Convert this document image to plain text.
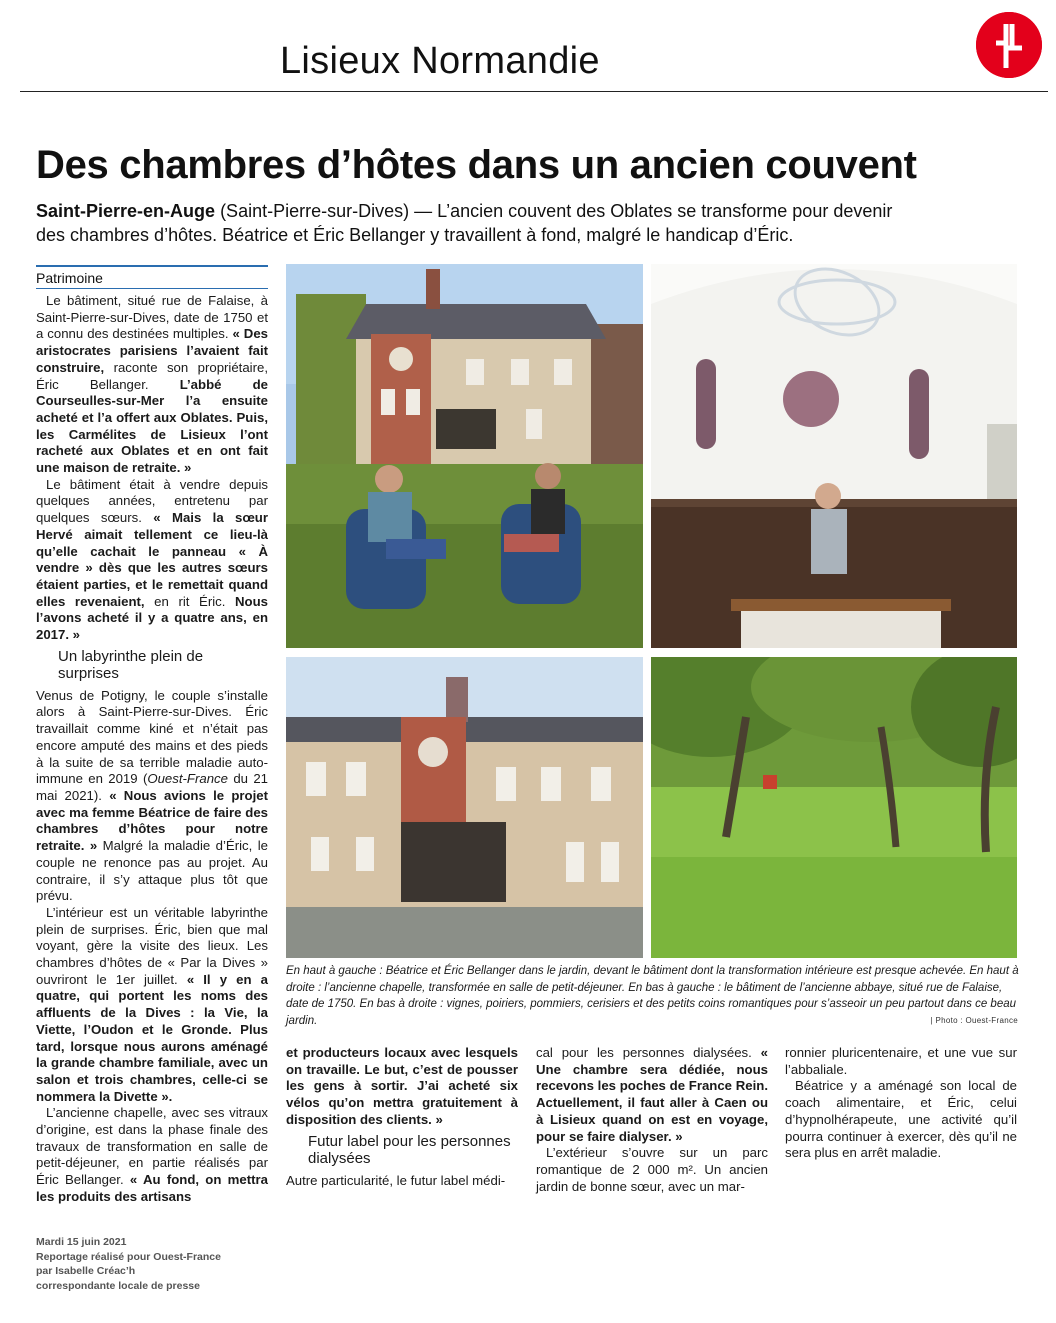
Lisieux Normandie
Des chambres d’hôtes dans un ancien couvent
Saint-Pierre-en-Auge (Saint-Pierre-sur-Dives) — L’ancien couvent des Oblates se transforme pour devenir des chambres d’hôtes. Béatrice et Éric Bellanger y travaillent à fond, malgré le handicap d’Éric.
Patrimoine

Le bâtiment, situé rue de Falaise, à Saint-Pierre-sur-Dives, date de 1750 et a connu des destinées multiples. « Des aristocrates parisiens l’avaient fait construire, raconte son propriétaire, Éric Bellanger. L’abbé de Courseulles-sur-Mer l’a ensuite acheté et l’a offert aux Oblates. Puis, les Carmélites de Lisieux l’ont racheté aux Oblates et en ont fait une maison de retraite. »

Le bâtiment était à vendre depuis quelques années, entretenu par quelques sœurs. « Mais la sœur Hervé aimait tellement ce lieu-là qu’elle cachait le panneau « À vendre » dès que les autres sœurs étaient parties, et le remettait quand elles revenaient, en rit Éric. Nous l’avons acheté il y a quatre ans, en 2017. »

Un labyrinthe plein de surprises

Venus de Potigny, le couple s’installe alors à Saint-Pierre-sur-Dives. Éric travaillait comme kiné et n’était pas encore amputé des mains et des pieds à la suite de sa terrible maladie auto-immune en 2019 (Ouest-France du 21 mai 2021). « Nous avions le projet avec ma femme Béatrice de faire des chambres d’hôtes pour notre retraite. » Malgré la maladie d’Éric, le couple ne renonce pas au projet. Au contraire, il s’y attaque plus tôt que prévu.

L’intérieur est un véritable labyrinthe plein de surprises. Éric, bien que mal voyant, gère la visite des lieux. Les chambres d’hôtes de « Par la Dives » ouvriront le 1er juillet. « Il y en a quatre, qui portent les noms des affluents de la Dives : la Vie, la Viette, l’Oudon et le Gronde. Plus tard, lorsque nous aurons aménagé la grande chambre familiale, avec un salon et trois chambres, celle-ci se nommera la Divette ».

L’ancienne chapelle, avec ses vitraux d’origine, est dans la phase finale des travaux de transformation en salle de petit-déjeuner, en partie réalisés par Éric Bellanger. « Au fond, on mettra les produits des artisans

En haut à gauche : Béatrice et Éric Bellanger dans le jardin, devant le bâtiment dont la transformation intérieure est presque achevée. En haut à droite : l’ancienne chapelle, transformée en salle de petit-déjeuner. En bas à gauche : le bâtiment de l’ancienne abbaye, situé rue de Falaise, date de 1750. En bas à droite : vignes, poiriers, pommiers, cerisiers et des petits coins romantiques pour s’asseoir un peu partout dans ce beau jardin.	| Photo : Ouest-France

et producteurs locaux avec lesquels on travaille. Le but, c’est de pousser les gens à sortir. J’ai acheté six vélos qu’on mettra gratuitement à disposition des clients. »

Futur label pour les personnes dialysées

Autre particularité, le futur label médi-

cal pour les personnes dialysées. « Une chambre sera dédiée, nous recevons les poches de France Rein. Actuellement, il faut aller à Caen ou à Lisieux quand on est en voyage, pour se faire dialyser. »

L’extérieur s’ouvre sur un parc romantique de 2 000 m². Un ancien jardin de bonne sœur, avec un mar-

ronnier pluricentenaire, et une vue sur l’abbaliale.

Béatrice y a aménagé son local de coach alimentaire, et Éric, celui d’hypnolhérapeute, une activité qu’il pourra continuer à exercer, dès qu’il ne sera plus en arrêt maladie.

Mardi 15 juin 2021
Reportage réalisé pour Ouest-France
par Isabelle Créac’h
correspondante locale de presse
